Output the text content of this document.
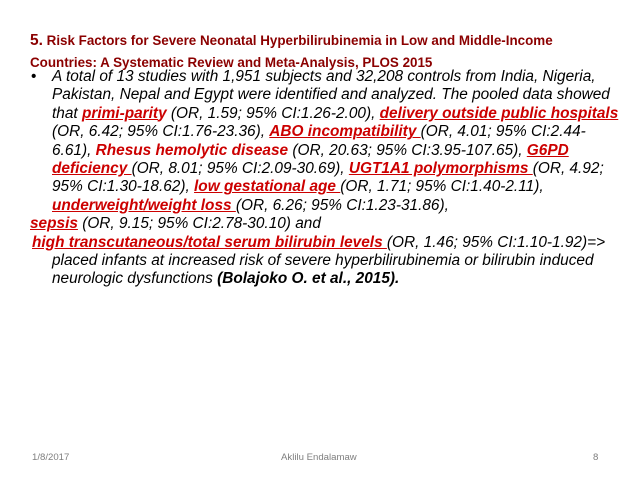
5. Risk Factors for Severe Neonatal Hyperbilirubinemia in Low and Middle-Income Countries: A Systematic Review and Meta-Analysis, PLOS 2015
• A total of 13 studies with 1,951 subjects and 32,208 controls from India, Nigeria, Pakistan, Nepal and Egypt were identified and analyzed. The pooled data showed that primi-parity (OR, 1.59; 95% CI:1.26-2.00), delivery outside public hospitals (OR, 6.42; 95% CI:1.76-23.36), ABO incompatibility (OR, 4.01; 95% CI:2.44-6.61), Rhesus hemolytic disease (OR, 20.63; 95% CI:3.95-107.65), G6PD deficiency (OR, 8.01; 95% CI:2.09-30.69), UGT1A1 polymorphisms (OR, 4.92; 95% CI:1.30-18.62), low gestational age (OR, 1.71; 95% CI:1.40-2.11), underweight/weight loss (OR, 6.26; 95% CI:1.23-31.86),
sepsis (OR, 9.15; 95% CI:2.78-30.10) and
high transcutaneous/total serum bilirubin levels (OR, 1.46; 95% CI:1.10-1.92)=> placed infants at increased risk of severe hyperbilirubinemia or bilirubin induced neurologic dysfunctions (Bolajoko O. et al., 2015).
1/8/2017	Aklilu Endalamaw	8
